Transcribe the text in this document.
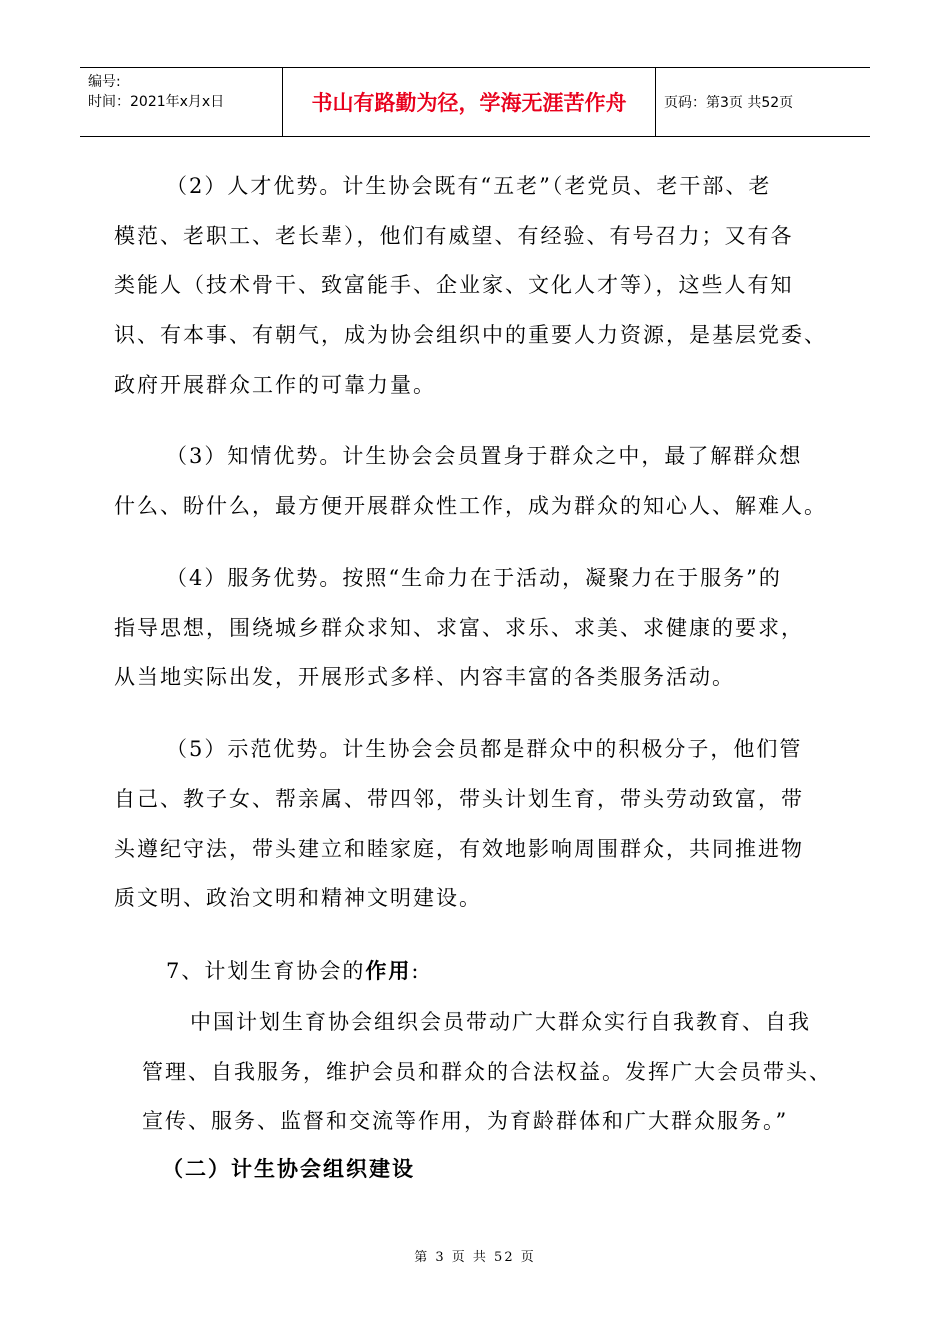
编号:
时间：2021年x月x日	书山有路勤为径，学海无涯苦作舟	页码：第3页 共52页
（2）人才优势。计生协会既有“五老”（老党员、老干部、老
模范、老职工、老长辈），他们有威望、有经验、有号召力；又有各
类能人（技术骨干、致富能手、企业家、文化人才等），这些人有知
识、有本事、有朝气，成为协会组织中的重要人力资源，是基层党委、
政府开展群众工作的可靠力量。
（3）知情优势。计生协会会员置身于群众之中，最了解群众想
什么、盼什么，最方便开展群众性工作，成为群众的知心人、解难人。
（4）服务优势。按照“生命力在于活动，凝聚力在于服务”的
指导思想，围绕城乡群众求知、求富、求乐、求美、求健康的要求，
从当地实际出发，开展形式多样、内容丰富的各类服务活动。
（5）示范优势。计生协会会员都是群众中的积极分子，他们管
自己、教子女、帮亲属、带四邻，带头计划生育，带头劳动致富，带
头遵纪守法，带头建立和睦家庭，有效地影响周围群众，共同推进物
质文明、政治文明和精神文明建设。
7、计划生育协会的作用:
中国计划生育协会组织会员带动广大群众实行自我教育、自我
管理、自我服务，维护会员和群众的合法权益。发挥广大会员带头、
宣传、服务、监督和交流等作用，为育龄群体和广大群众服务。”
（二）计生协会组织建设
第 3 页 共 52 页
